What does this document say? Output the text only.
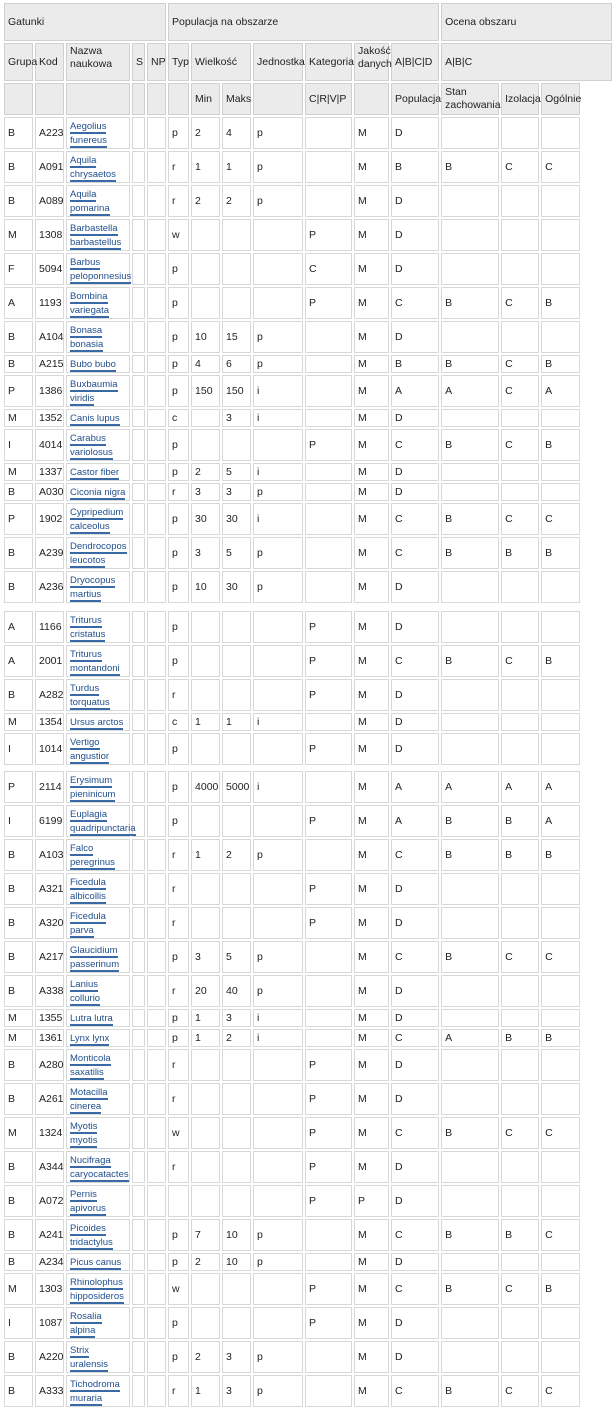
Gatunki					Populacja na obszarze							Ocena obszaru		
Grupa	Kod	Nazwa naukowa	S	NP	Typ	Wielkość		Jednostka	Kategoria	Jakość danych	A|B|C|D	A|B|C		
						Min	Maks		C|R|V|P		Populacja	Stan zachowania	Izolacja	Ogólnie
B	A223	Aegolius funereus			p	2	4	p		M	D			
B	A091	Aquila chrysaetos			r	1	1	p		M	B	B	C	C
B	A089	Aquila pomarina			r	2	2	p		M	D			
M	1308	Barbastella barbastellus			w				P	M	D			
F	5094	Barbus peloponnesius			p				C	M	D			
A	1193	Bombina variegata			p				P	M	C	B	C	B
B	A104	Bonasa bonasia			p	10	15	p		M	D			
B	A215	Bubo bubo			p	4	6	p		M	B	B	C	B
P	1386	Buxbaumia viridis			p	150	150	i		M	A	A	C	A
M	1352	Canis lupus			c		3	i		M	D			
I	4014	Carabus variolosus			p				P	M	C	B	C	B
M	1337	Castor fiber			p	2	5	i		M	D			
B	A030	Ciconia nigra			r	3	3	p		M	D			
P	1902	Cypripedium calceolus			p	30	30	i		M	C	B	C	C
B	A239	Dendrocopos leucotos			p	3	5	p		M	C	B	B	B
B	A236	Dryocopus martius			p	10	30	p		M	D			

A	1166	Triturus cristatus			p				P	M	D			
A	2001	Triturus montandoni			p				P	M	C	B	C	B
B	A282	Turdus torquatus			r				P	M	D			
M	1354	Ursus arctos			c	1	1	i		M	D			
I	1014	Vertigo angustior			p				P	M	D			

P	2114	Erysimum pieninicum			p	4000	5000	i		M	A	A	A	A
I	6199	Euplagia quadripunctaria			p				P	M	A	B	B	A
B	A103	Falco peregrinus			r	1	2	p		M	C	B	B	B
B	A321	Ficedula albicollis			r				P	M	D			
B	A320	Ficedula parva			r				P	M	D			
B	A217	Glaucidium passerinum			p	3	5	p		M	C	B	C	C
B	A338	Lanius collurio			r	20	40	p		M	D			
M	1355	Lutra lutra			p	1	3	i		M	D			
M	1361	Lynx lynx			p	1	2	i		M	C	A	B	B
B	A280	Monticola saxatilis			r				P	M	D			
B	A261	Motacilla cinerea			r				P	M	D			
M	1324	Myotis myotis			w				P	M	C	B	C	C
B	A344	Nucifraga caryocatactes			r				P	M	D			
B	A072	Pernis apivorus							P	P	D			
B	A241	Picoides tridactylus			p	7	10	p		M	C	B	B	C
B	A234	Picus canus			p	2	10	p		M	D			
M	1303	Rhinolophus hipposideros			w				P	M	C	B	C	B
I	1087	Rosalia alpina			p				P	M	D			
B	A220	Strix uralensis			p	2	3	p		M	D			
B	A333	Tichodroma muraria			r	1	3	p		M	C	B	C	C
